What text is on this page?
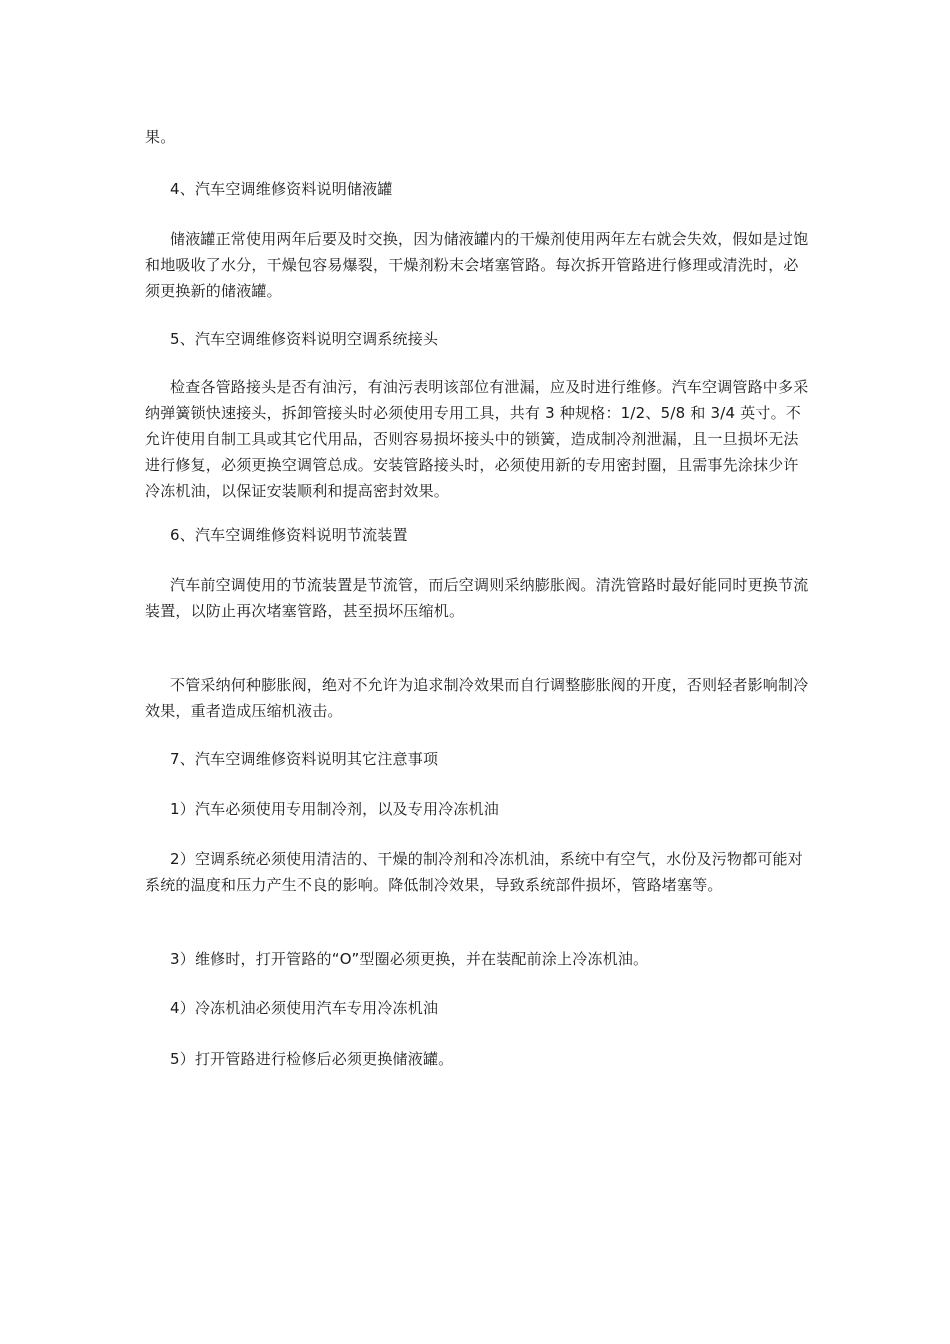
果。

4、汽车空调维修资料说明储液罐

储液罐正常使用两年后要及时交换，因为储液罐内的干燥剂使用两年左右就会失效，假如是过饱和地吸收了水分，干燥包容易爆裂，干燥剂粉末会堵塞管路。每次拆开管路进行修理或清洗时，必须更换新的储液罐。

5、汽车空调维修资料说明空调系统接头

检查各管路接头是否有油污，有油污表明该部位有泄漏，应及时进行维修。汽车空调管路中多采纳弹簧锁快速接头，拆卸管接头时必须使用专用工具，共有 3 种规格：1/2、5/8 和 3/4 英寸。不允许使用自制工具或其它代用品，否则容易损坏接头中的锁簧，造成制冷剂泄漏，且一旦损坏无法进行修复，必须更换空调管总成。安装管路接头时，必须使用新的专用密封圈，且需事先涂抹少许冷冻机油，以保证安装顺利和提高密封效果。

6、汽车空调维修资料说明节流装置

汽车前空调使用的节流装置是节流管，而后空调则采纳膨胀阀。清洗管路时最好能同时更换节流装置，以防止再次堵塞管路，甚至损坏压缩机。

不管采纳何种膨胀阀，绝对不允许为追求制冷效果而自行调整膨胀阀的开度，否则轻者影响制冷效果，重者造成压缩机液击。

7、汽车空调维修资料说明其它注意事项

1）汽车必须使用专用制冷剂，以及专用冷冻机油

2）空调系统必须使用清洁的、干燥的制冷剂和冷冻机油，系统中有空气，水份及污物都可能对系统的温度和压力产生不良的影响。降低制冷效果，导致系统部件损坏，管路堵塞等。

3）维修时，打开管路的“O”型圈必须更换，并在装配前涂上冷冻机油。

4）冷冻机油必须使用汽车专用冷冻机油

5）打开管路进行检修后必须更换储液罐。
